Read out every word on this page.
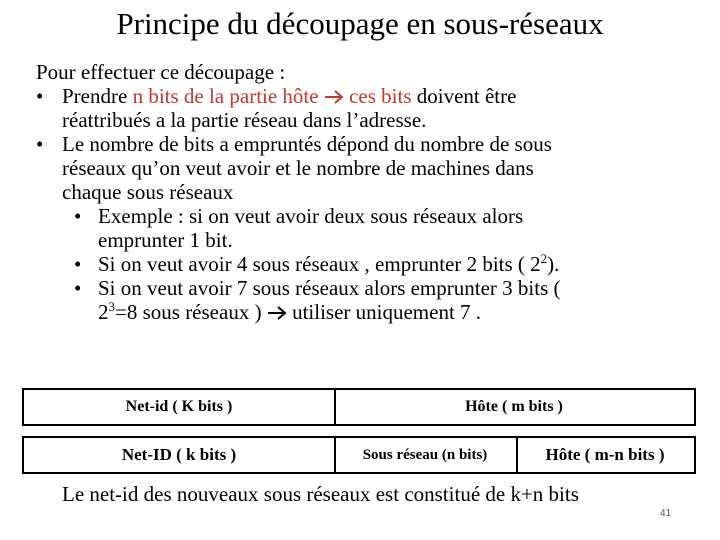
Principe du découpage en sous-réseaux

Pour effectuer ce découpage :

• Prendre n bits de la partie hôte  ces bits doivent être
réattribués a la partie réseau dans l’adresse.
• Le nombre de bits a empruntés dépond du nombre de sous
réseaux qu’on veut avoir et le nombre de machines dans
chaque sous réseaux
• Exemple : si on veut avoir deux sous réseaux alors
emprunter 1 bit.
• Si on veut avoir 4 sous réseaux , emprunter 2 bits ( $2^2$).
• Si on veut avoir 7 sous réseaux alors emprunter 3 bits (
$2^3=8$ sous réseaux )  utiliser uniquement 7 .
Net-id ( K bits )	Hôte ( m bits )
Net-ID ( k bits )	Sous réseau (n bits)	Hôte ( m-n bits )
Le net-id des nouveaux sous réseaux est constitué de k+n bits
41
